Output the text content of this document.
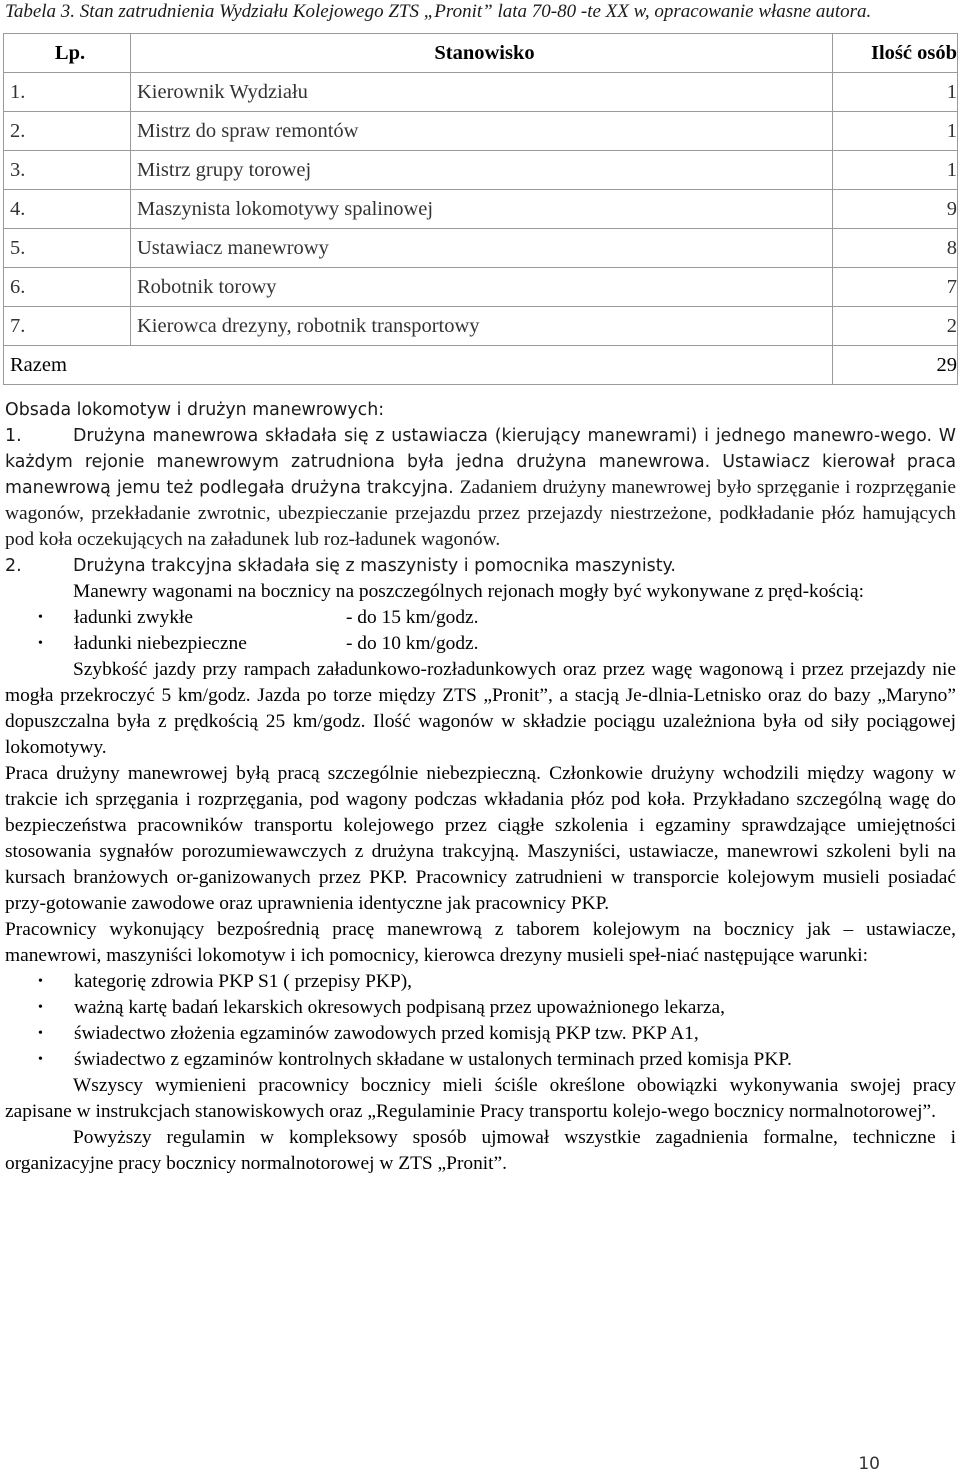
Tabela 3. Stan zatrudnienia Wydziału Kolejowego ZTS „Pronit” lata 70-80 -te XX w, opracowanie własne autora.

Lp.	Stanowisko	Ilość osób
1.	Kierownik Wydziału	1
2.	Mistrz do spraw remontów	1
3.	Mistrz grupy torowej	1
4.	Maszynista lokomotywy spalinowej	9
5.	Ustawiacz manewrowy	8
6.	Robotnik torowy	7
7.	Kierowca drezyny, robotnik transportowy	2
Razem		29

Obsada lokomotyw i drużyn manewrowych:

1.	Drużyna manewrowa składała się z ustawiacza (kierujący manewrami) i jednego manewro-wego. W każdym rejonie manewrowym zatrudniona była jedna drużyna manewrowa. Ustawiacz kierował praca manewrową jemu też podlegała drużyna trakcyjna. Zadaniem drużyny manewrowej było sprzęganie i rozprzęganie wagonów, przekładanie zwrotnic, ubezpieczanie przejazdu przez przejazdy niestrzeżone, podkładanie płóz hamujących pod koła oczekujących na załadunek lub roz-ładunek wagonów.

2.	Drużyna trakcyjna składała się z maszynisty i pomocnika maszynisty.

Manewry wagonami na bocznicy na poszczególnych rejonach mogły być wykonywane z pręd-kością:

• ładunki zwykłe	- do 15 km/godz.
• ładunki niebezpieczne	- do 10 km/godz.

Szybkość jazdy przy rampach załadunkowo-rozładunkowych oraz przez wagę wagonową i przez przejazdy nie mogła przekroczyć 5 km/godz. Jazda po torze między ZTS „Pronit”, a stacją Je-dlnia-Letnisko oraz do bazy „Maryno” dopuszczalna była z prędkością 25 km/godz. Ilość wagonów w składzie pociągu uzależniona była od siły pociągowej lokomotywy.

Praca drużyny manewrowej byłą pracą szczególnie niebezpieczną. Członkowie drużyny wchodzili między wagony w trakcie ich sprzęgania i rozprzęgania, pod wagony podczas wkładania płóz pod koła. Przykładano szczególną wagę do bezpieczeństwa pracowników transportu kolejowego przez ciągłe szkolenia i egzaminy sprawdzające umiejętności stosowania sygnałów porozumiewawczych z drużyna trakcyjną. Maszyniści, ustawiacze, manewrowi szkoleni byli na kursach branżowych or-ganizowanych przez PKP. Pracownicy zatrudnieni w transporcie kolejowym musieli posiadać przy-gotowanie zawodowe oraz uprawnienia identyczne jak pracownicy PKP.

Pracownicy wykonujący bezpośrednią pracę manewrową z taborem kolejowym na bocznicy jak – ustawiacze, manewrowi, maszyniści lokomotyw i ich pomocnicy, kierowca drezyny musieli speł-niać następujące warunki:

• kategorię zdrowia PKP S1 ( przepisy PKP),
• ważną kartę badań lekarskich okresowych podpisaną przez upoważnionego lekarza,
• świadectwo złożenia egzaminów zawodowych przed komisją PKP tzw. PKP A1,
• świadectwo z egzaminów kontrolnych składane w ustalonych terminach przed komisja PKP.

Wszyscy wymienieni pracownicy bocznicy mieli ściśle określone obowiązki wykonywania swojej pracy zapisane w instrukcjach stanowiskowych oraz „Regulaminie Pracy transportu kolejo-wego bocznicy normalnotorowej”.

Powyższy regulamin w kompleksowy sposób ujmował wszystkie zagadnienia formalne, techniczne i organizacyjne pracy bocznicy normalnotorowej w ZTS „Pronit”.

10
